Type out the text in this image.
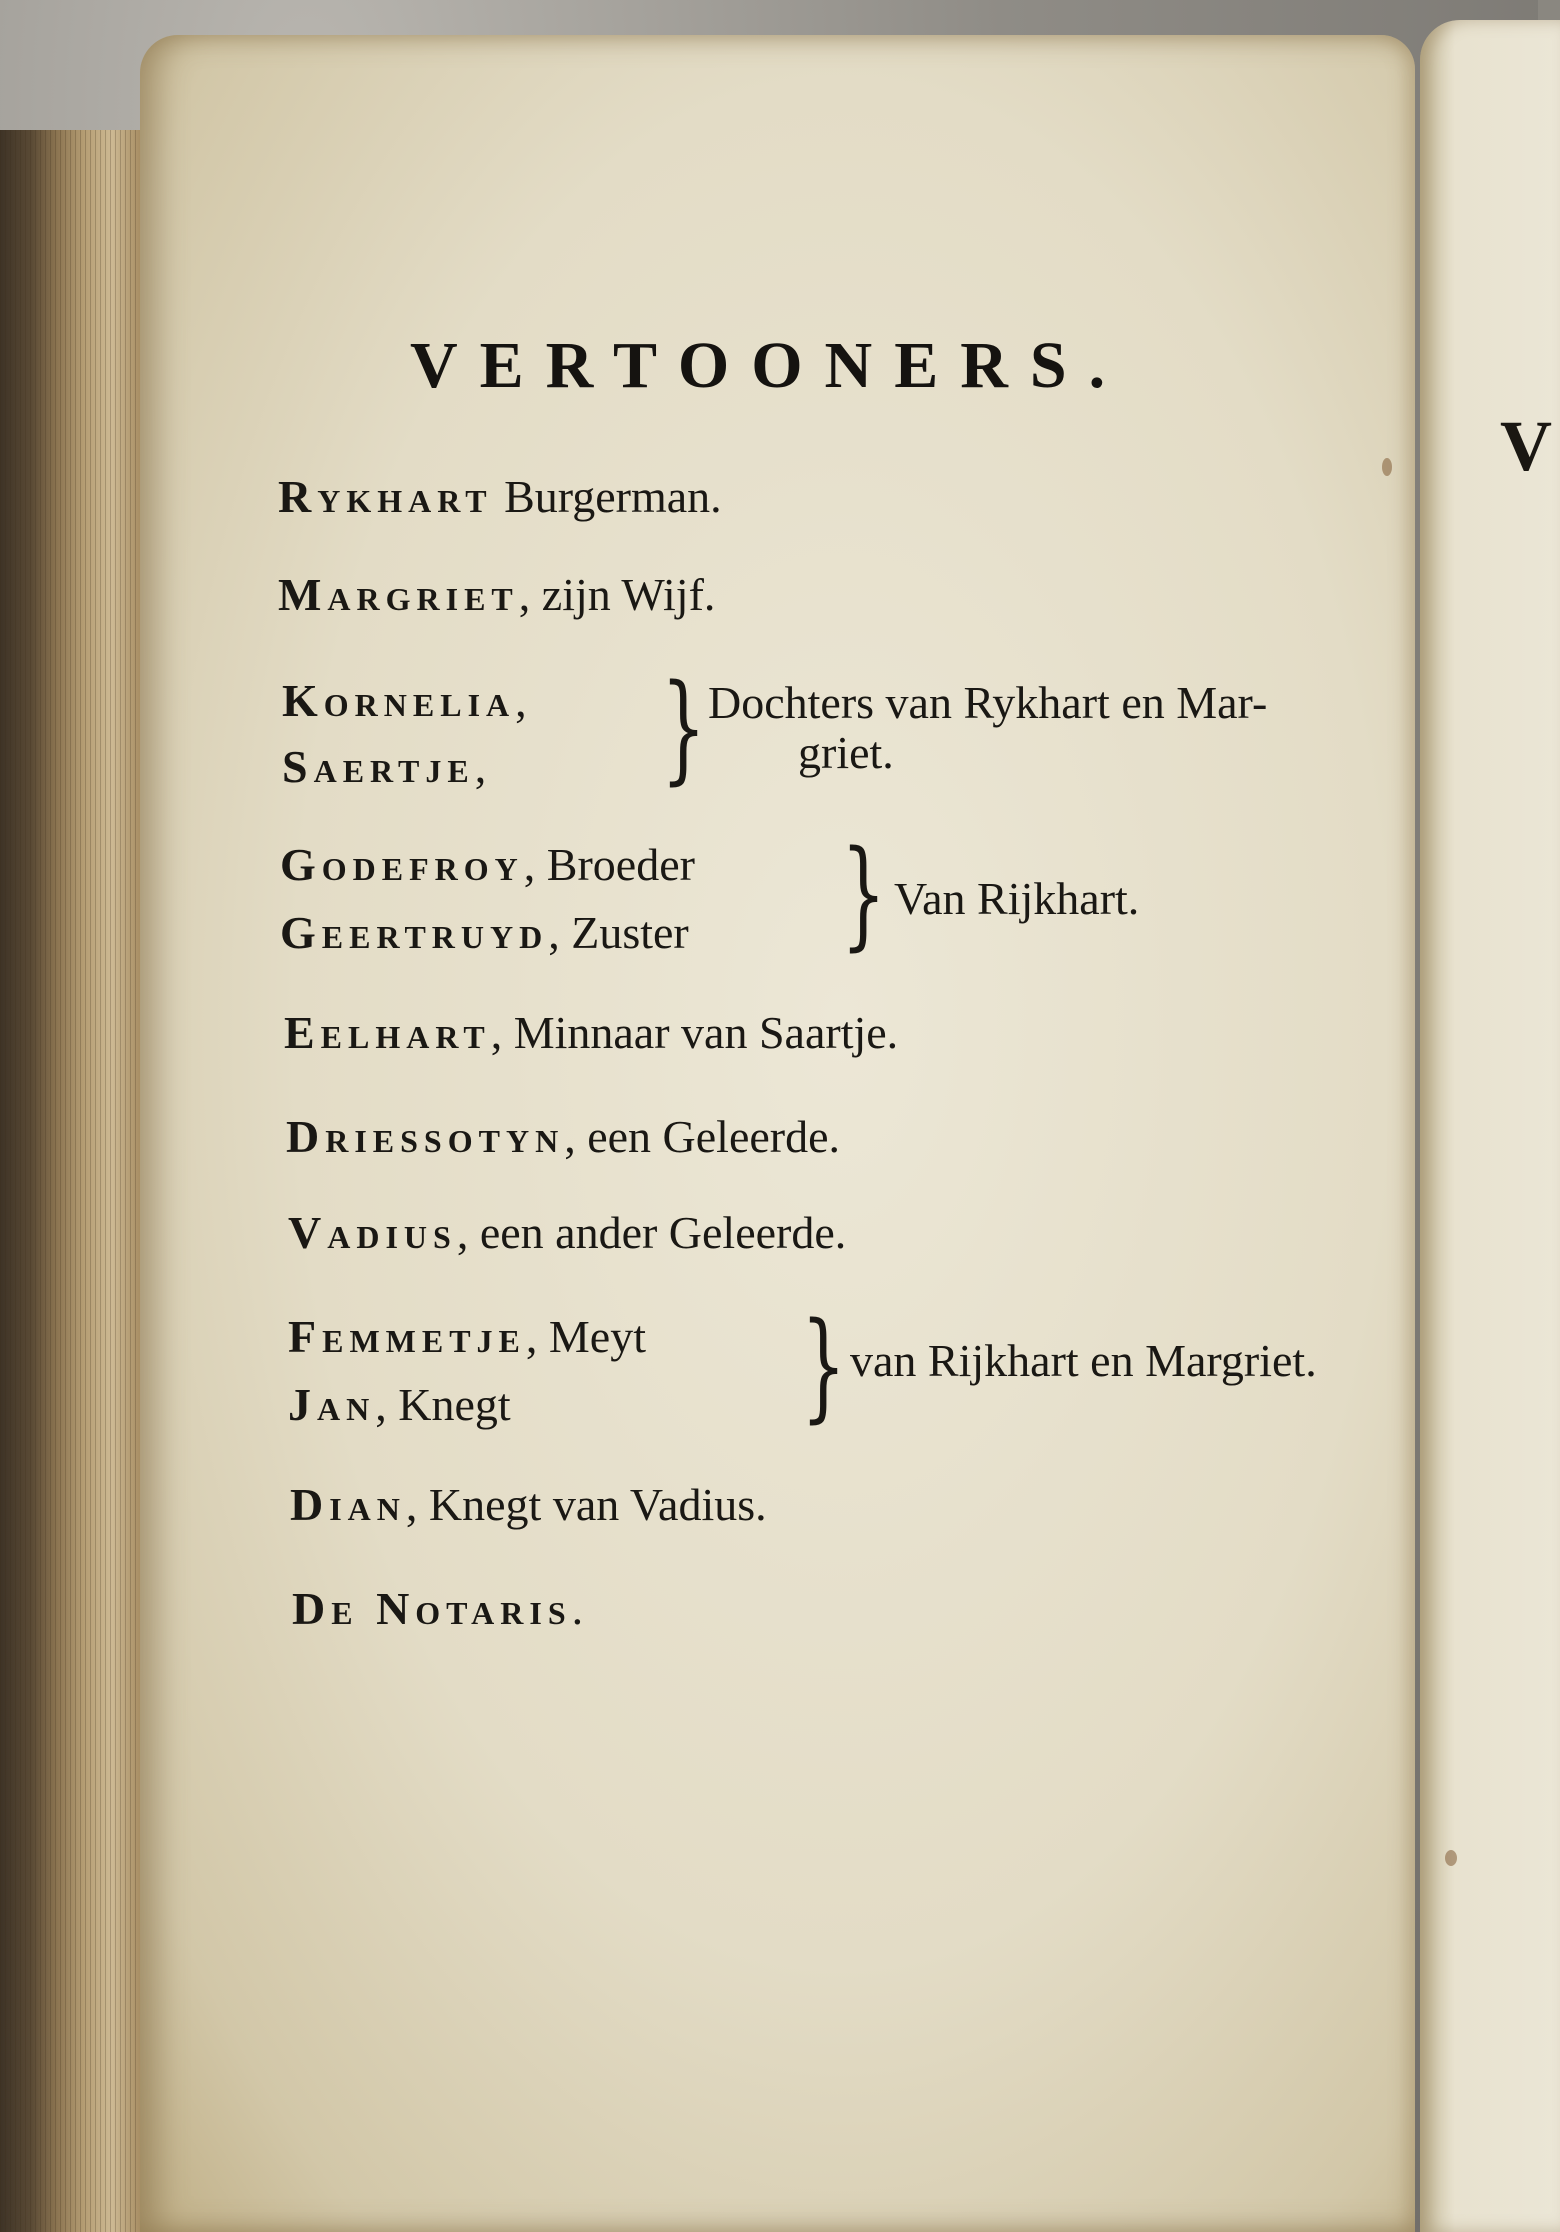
V
VERTOONERS.
Rykhart Burgerman.
Margriet, zijn Wijf.
Kornelia,
Saertje, } Dochters van Rykhart en Mar-
griet.
Godefroy, Broeder
Geertruyd, Zuster } Van Rijkhart.
Eelhart, Minnaar van Saartje.
Driessotyn, een Geleerde.
Vadius, een ander Geleerde.
Femmetje, Meyt
Jan, Knegt } van Rijkhart en Margriet.
Dian, Knegt van Vadius.
De Notaris.
